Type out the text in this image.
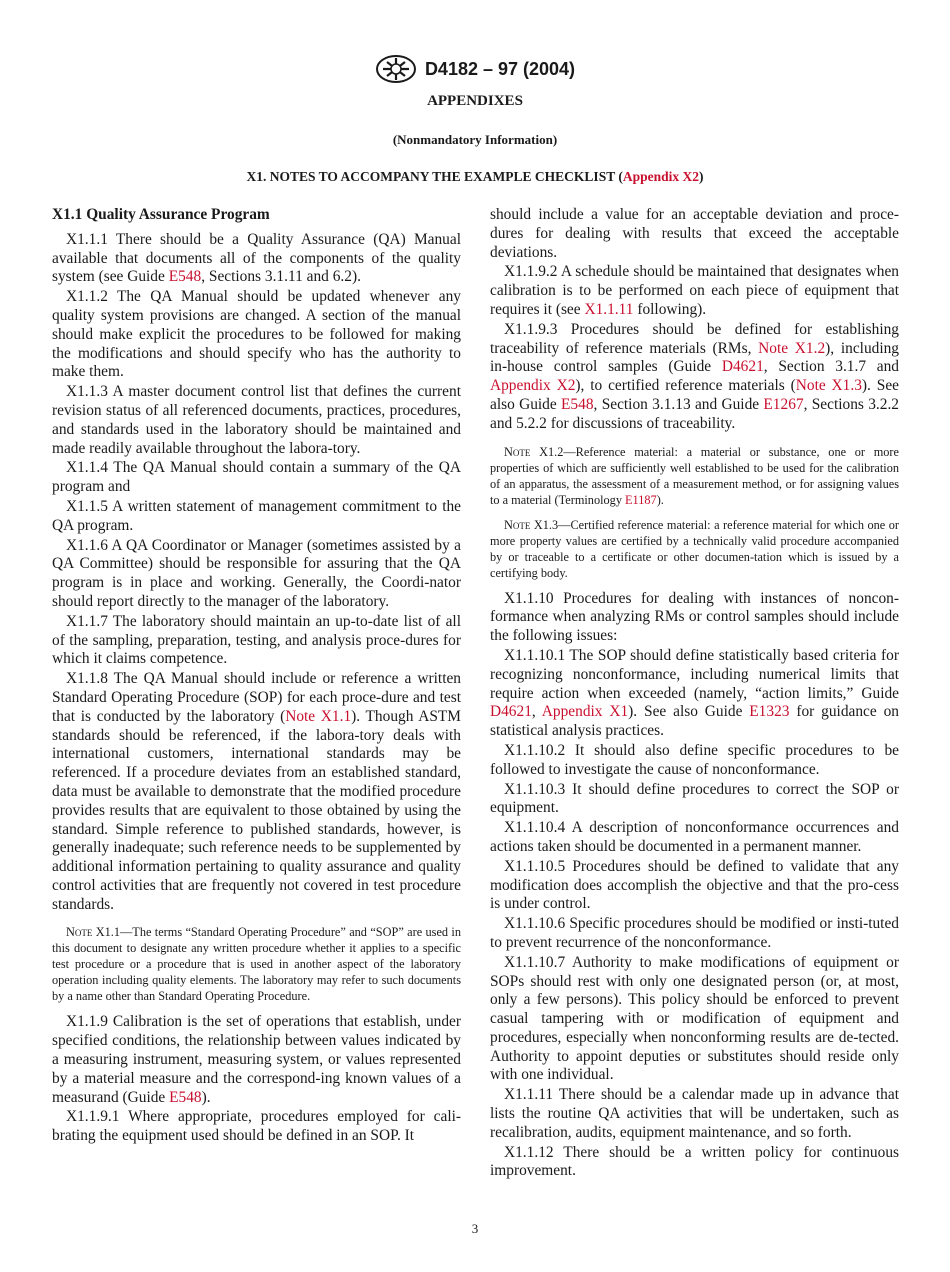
D4182 – 97 (2004)
APPENDIXES
(Nonmandatory Information)
X1. NOTES TO ACCOMPANY THE EXAMPLE CHECKLIST (Appendix X2)
X1.1 Quality Assurance Program

X1.1.1 There should be a Quality Assurance (QA) Manual available that documents all of the components of the quality system (see Guide E548, Sections 3.1.11 and 6.2).

X1.1.2 The QA Manual should be updated whenever any quality system provisions are changed. A section of the manual should make explicit the procedures to be followed for making the modifications and should specify who has the authority to make them.

X1.1.3 A master document control list that defines the current revision status of all referenced documents, practices, procedures, and standards used in the laboratory should be maintained and made readily available throughout the labora-tory.

X1.1.4 The QA Manual should contain a summary of the QA program and

X1.1.5 A written statement of management commitment to the QA program.

X1.1.6 A QA Coordinator or Manager (sometimes assisted by a QA Committee) should be responsible for assuring that the QA program is in place and working. Generally, the Coordi-nator should report directly to the manager of the laboratory.

X1.1.7 The laboratory should maintain an up-to-date list of all of the sampling, preparation, testing, and analysis proce-dures for which it claims competence.

X1.1.8 The QA Manual should include or reference a written Standard Operating Procedure (SOP) for each proce-dure and test that is conducted by the laboratory (Note X1.1). Though ASTM standards should be referenced, if the labora-tory deals with international customers, international standards may be referenced. If a procedure deviates from an established standard, data must be available to demonstrate that the modified procedure provides results that are equivalent to those obtained by using the standard. Simple reference to published standards, however, is generally inadequate; such reference needs to be supplemented by additional information pertaining to quality assurance and quality control activities that are frequently not covered in test procedure standards.

Note X1.1—The terms “Standard Operating Procedure” and “SOP” are used in this document to designate any written procedure whether it applies to a specific test procedure or a procedure that is used in another aspect of the laboratory operation including quality elements. The laboratory may refer to such documents by a name other than Standard Operating Procedure.

X1.1.9 Calibration is the set of operations that establish, under specified conditions, the relationship between values indicated by a measuring instrument, measuring system, or values represented by a material measure and the correspond-ing known values of a measurand (Guide E548).

X1.1.9.1 Where appropriate, procedures employed for cali-brating the equipment used should be defined in an SOP. It

should include a value for an acceptable deviation and proce-dures for dealing with results that exceed the acceptable deviations.

X1.1.9.2 A schedule should be maintained that designates when calibration is to be performed on each piece of equipment that requires it (see X1.1.11 following).

X1.1.9.3 Procedures should be defined for establishing traceability of reference materials (RMs, Note X1.2), including in-house control samples (Guide D4621, Section 3.1.7 and Appendix X2), to certified reference materials (Note X1.3). See also Guide E548, Section 3.1.13 and Guide E1267, Sections 3.2.2 and 5.2.2 for discussions of traceability.

Note X1.2—Reference material: a material or substance, one or more properties of which are sufficiently well established to be used for the calibration of an apparatus, the assessment of a measurement method, or for assigning values to a material (Terminology E1187).

Note X1.3—Certified reference material: a reference material for which one or more property values are certified by a technically valid procedure accompanied by or traceable to a certificate or other documen-tation which is issued by a certifying body.

X1.1.10 Procedures for dealing with instances of noncon-formance when analyzing RMs or control samples should include the following issues:

X1.1.10.1 The SOP should define statistically based criteria for recognizing nonconformance, including numerical limits that require action when exceeded (namely, “action limits,” Guide D4621, Appendix X1). See also Guide E1323 for guidance on statistical analysis practices.

X1.1.10.2 It should also define specific procedures to be followed to investigate the cause of nonconformance.

X1.1.10.3 It should define procedures to correct the SOP or equipment.

X1.1.10.4 A description of nonconformance occurrences and actions taken should be documented in a permanent manner.

X1.1.10.5 Procedures should be defined to validate that any modification does accomplish the objective and that the pro-cess is under control.

X1.1.10.6 Specific procedures should be modified or insti-tuted to prevent recurrence of the nonconformance.

X1.1.10.7 Authority to make modifications of equipment or SOPs should rest with only one designated person (or, at most, only a few persons). This policy should be enforced to prevent casual tampering with or modification of equipment and procedures, especially when nonconforming results are de-tected. Authority to appoint deputies or substitutes should reside only with one individual.

X1.1.11 There should be a calendar made up in advance that lists the routine QA activities that will be undertaken, such as recalibration, audits, equipment maintenance, and so forth.

X1.1.12 There should be a written policy for continuous improvement.

3
